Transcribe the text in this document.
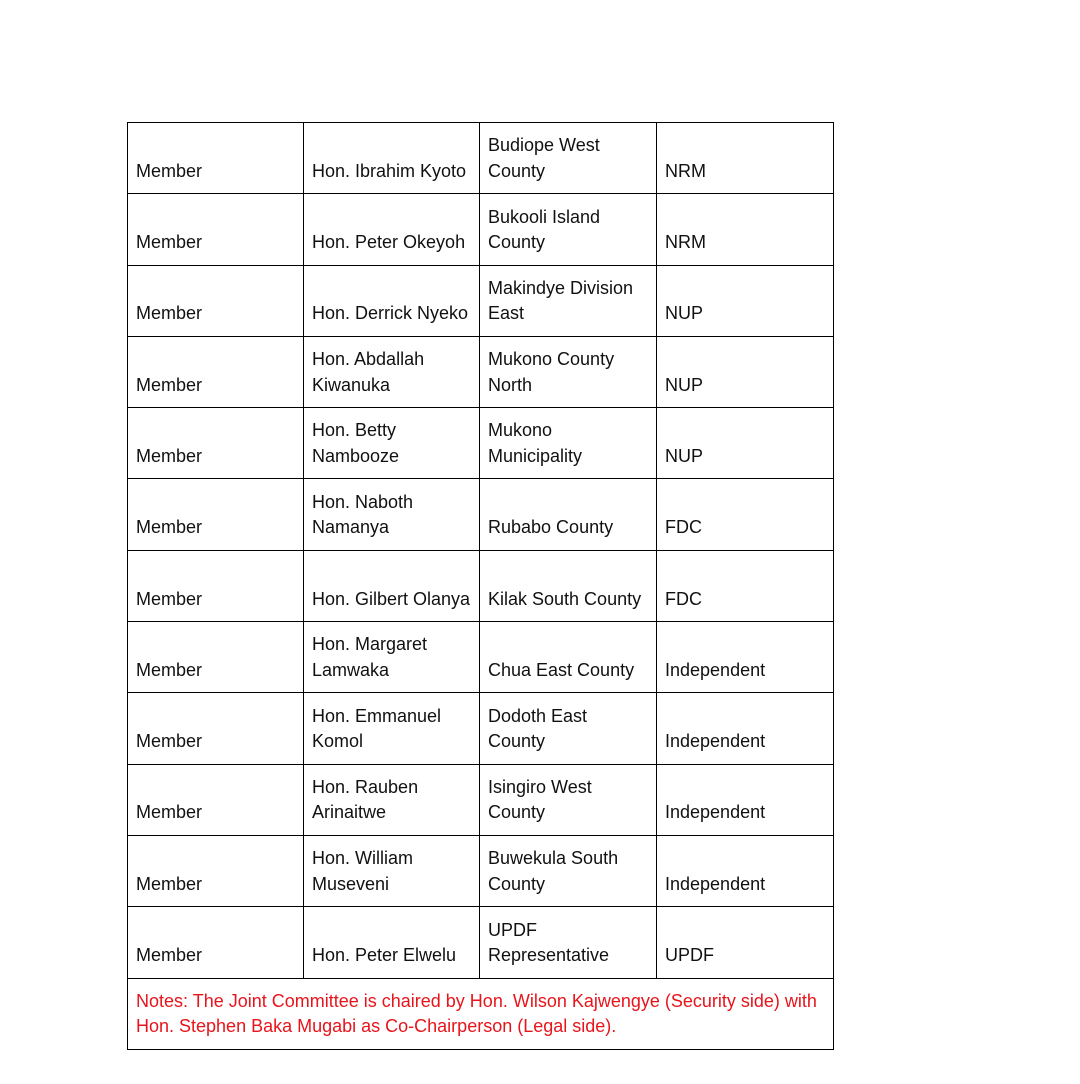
Member	Hon. Ibrahim Kyoto	Budiope West County	NRM
Member	Hon. Peter Okeyoh	Bukooli Island County	NRM
Member	Hon. Derrick Nyeko	Makindye Division East	NUP
Member	Hon. Abdallah Kiwanuka	Mukono County North	NUP
Member	Hon. Betty Nambooze	Mukono Municipality	NUP
Member	Hon. Naboth Namanya	Rubabo County	FDC
Member	Hon. Gilbert Olanya	Kilak South County	FDC
Member	Hon. Margaret Lamwaka	Chua East County	Independent
Member	Hon. Emmanuel Komol	Dodoth East County	Independent
Member	Hon. Rauben Arinaitwe	Isingiro West County	Independent
Member	Hon. William Museveni	Buwekula South County	Independent
Member	Hon. Peter Elwelu	UPDF Representative	UPDF
Notes: The Joint Committee is chaired by Hon. Wilson Kajwengye (Security side) with Hon. Stephen Baka Mugabi as Co-Chairperson (Legal side).			
